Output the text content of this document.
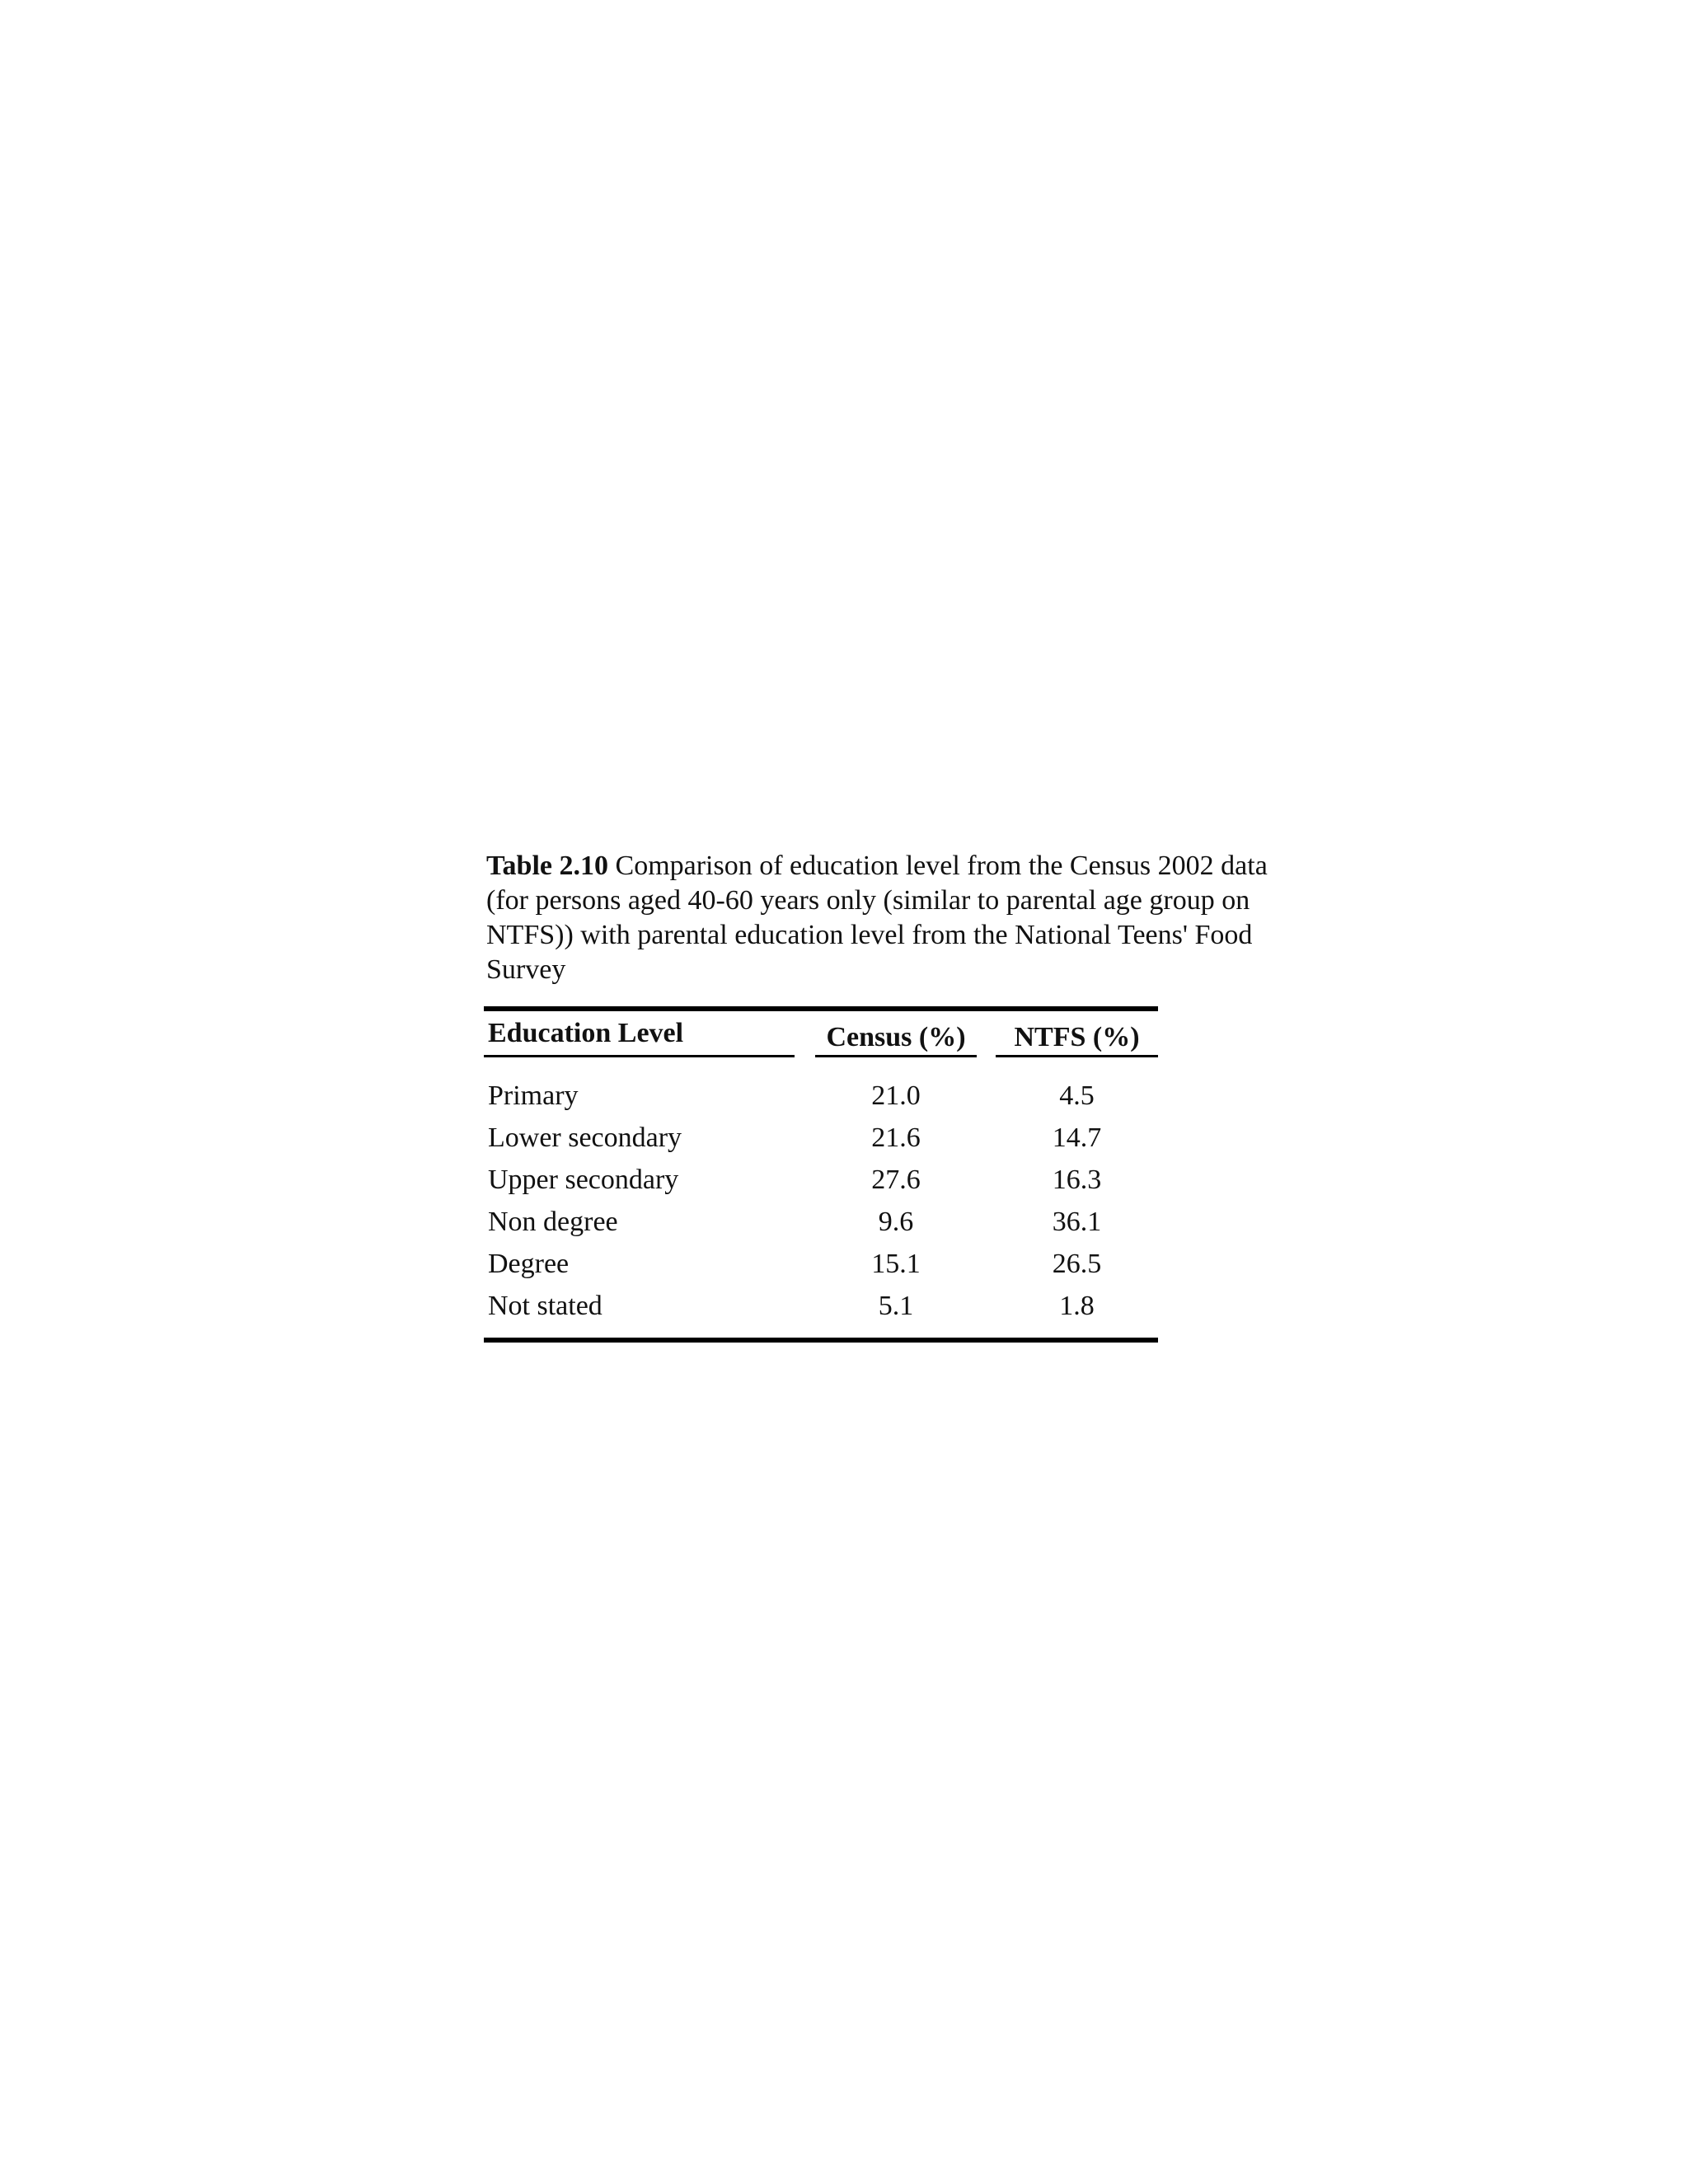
Table 2.10 Comparison of education level from the Census 2002 data (for persons aged 40-60 years only (similar to parental age group on NTFS)) with parental education level from the National Teens' Food Survey
Education Level	Census (%)	NTFS (%)
Primary	21.0	4.5
Lower secondary	21.6	14.7
Upper secondary	27.6	16.3
Non degree	9.6	36.1
Degree	15.1	26.5
Not stated	5.1	1.8
